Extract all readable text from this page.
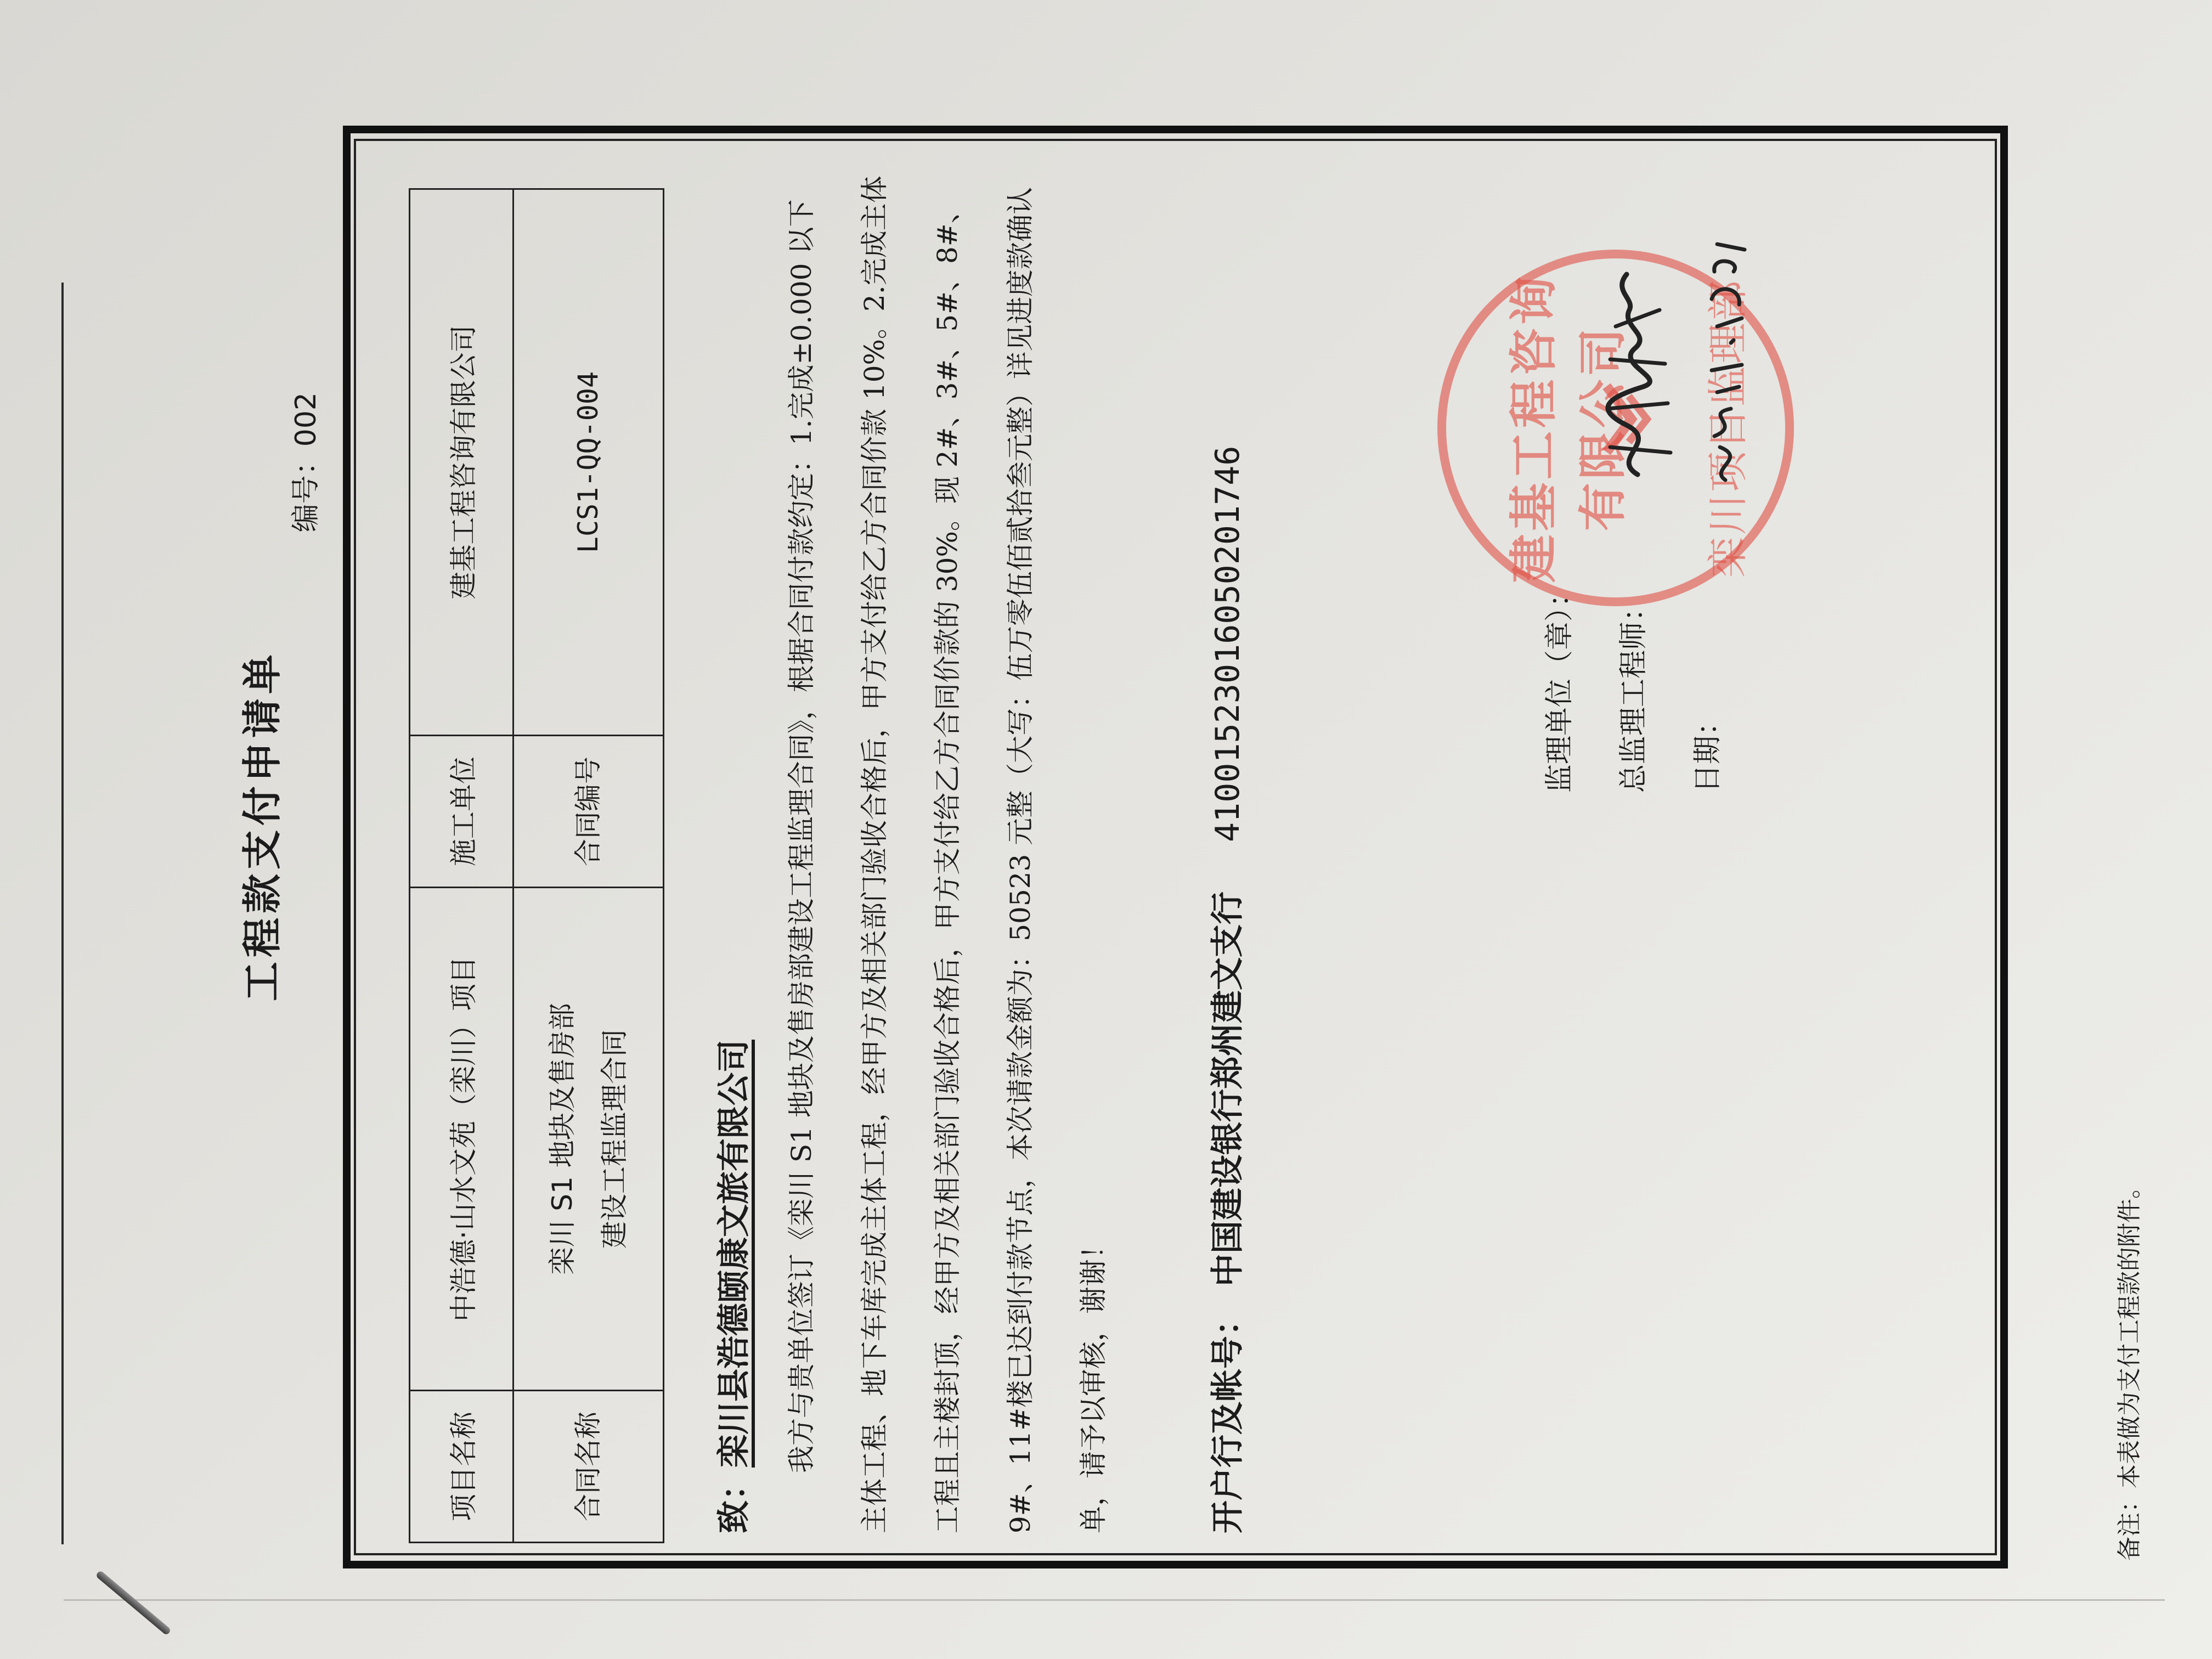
工程款支付申请单
编号：002
项目名称	中浩德·山水文苑（栾川）项目	施工单位	建基工程咨询有限公司
合同名称	栾川 S1 地块及售房部 建设工程监理合同	合同编号	LCS1-QQ-004
致：栾川县浩德颐康文旅有限公司	我方与贵单位签订《栾川 S1 地块及售房部建设工程监理合同》，根据合同付款约定：1.完成±0.000 以下主体工程、地下车库完成主体工程，经甲方及相关部门验收合格后，甲方支付给乙方合同价款 10%。2.完成主体工程且主楼封顶，经甲方及相关部门验收合格后，甲方支付给乙方合同价款的 30%。现 2#、3#、5#、8#、9#、11#楼已达到付款节点，本次请款金额为：50523 元整（大写：伍万零伍佰贰拾叁元整）详见进度款确认单，请予以审核，谢谢！	开户行及帐号：中国建设银行郑州建文支行41001523016050201746	监理单位（章）： 总监理工程师： 日期：
建基工程咨询有限公司 栾川项目监理部
备注：本表做为支付工程款的附件。
